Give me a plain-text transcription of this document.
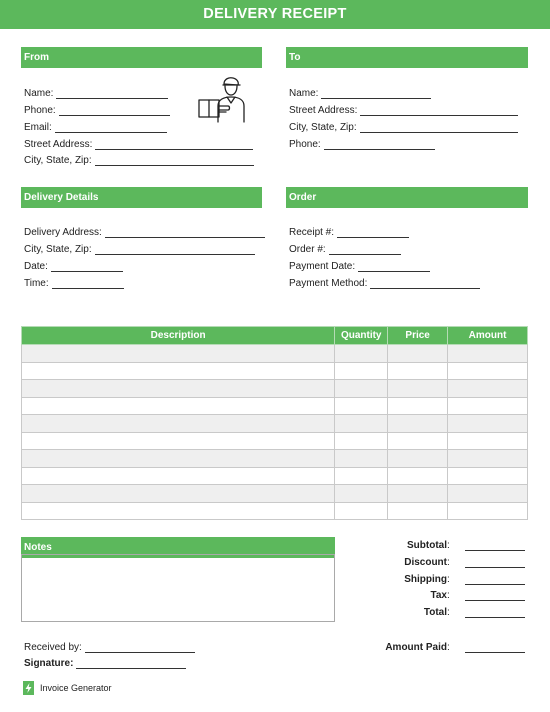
DELIVERY RECEIPT
From
Name:
Phone:
Email:
Street Address:
City, State, Zip:
To
Name:
Street Address:
City, State, Zip:
Phone:
Delivery Details
Delivery Address:
City, State, Zip:
Date:
Time:
Order
Receipt #:
Order #:
Payment Date:
Payment Method:
Description	Quantity	Price	Amount

Notes	Subtotal :
Discount :
Shipping :
Tax :
Total :
Amount Paid :
Received by:
Signature:
Invoice Generator
